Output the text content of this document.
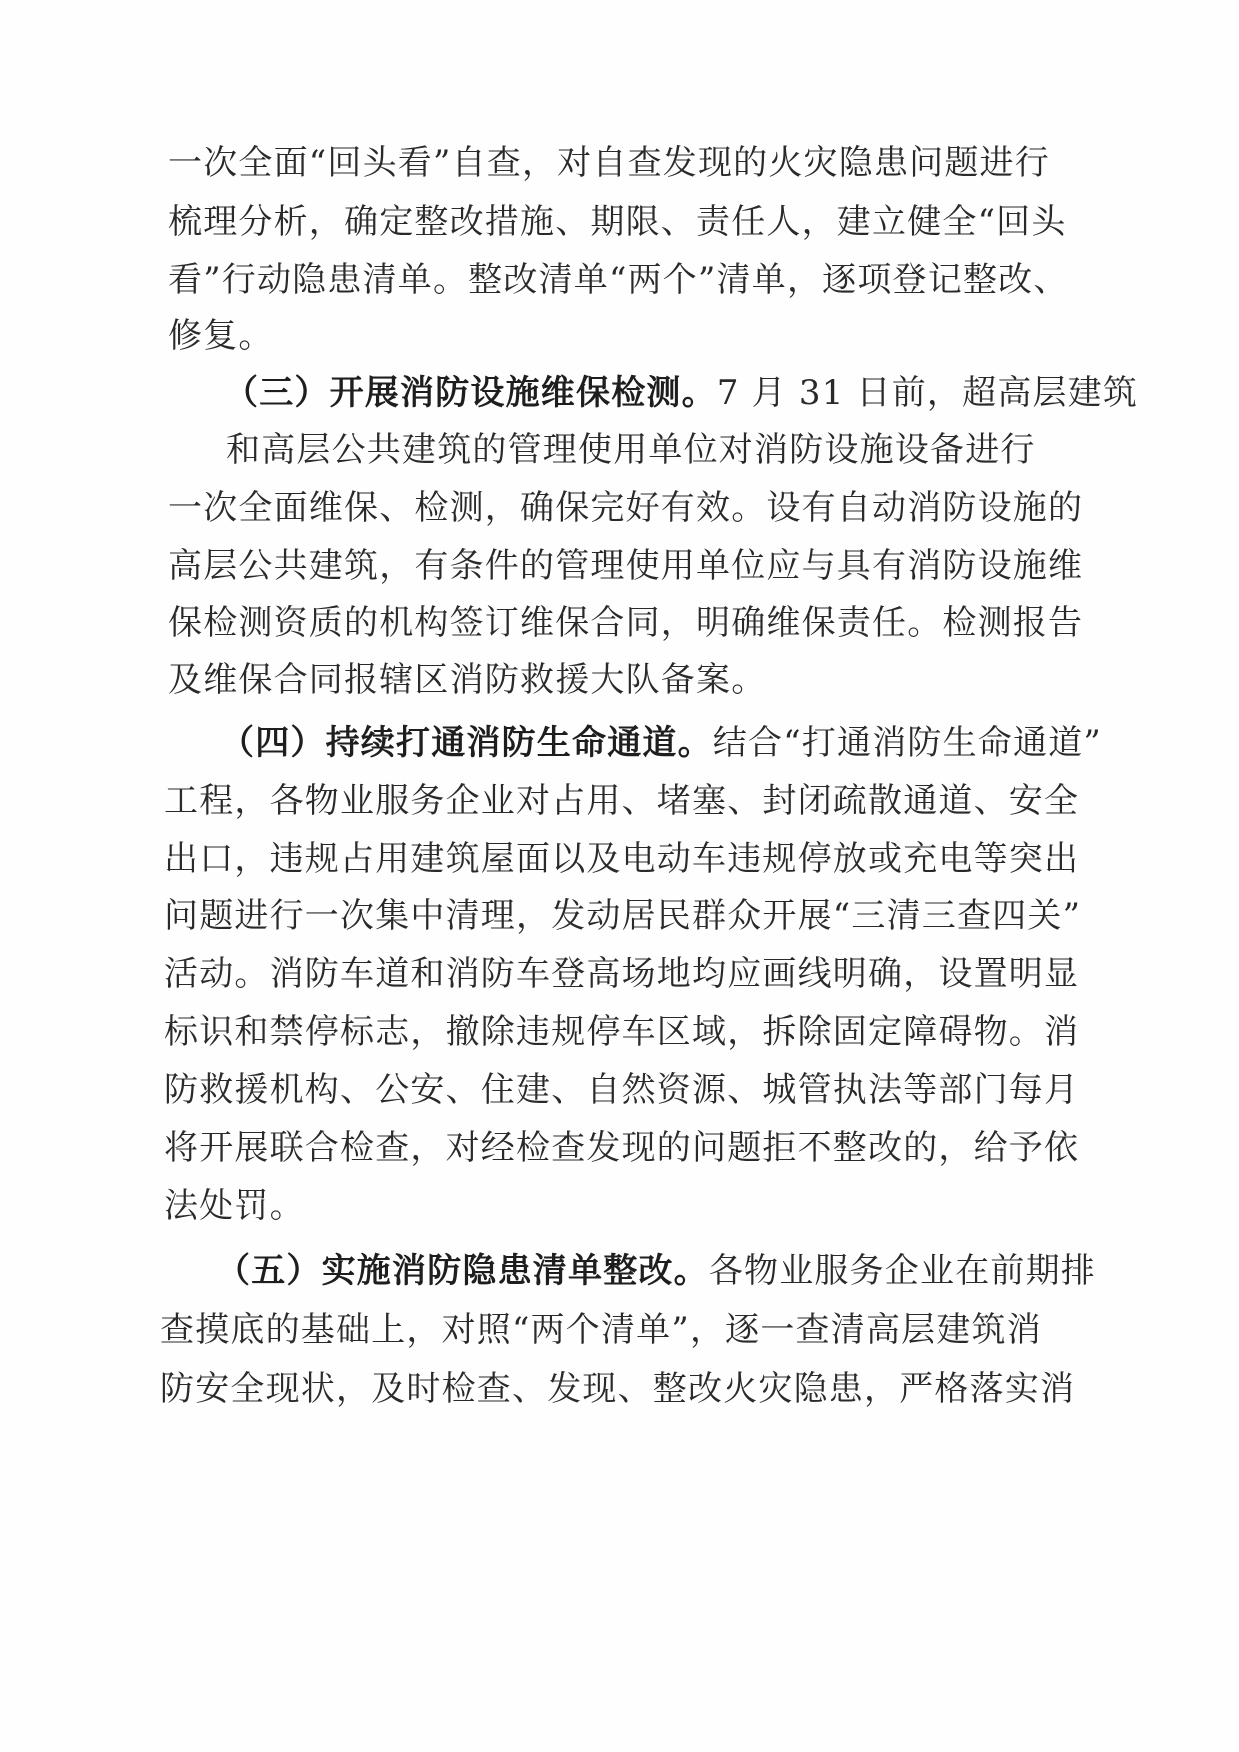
一次全面“回头看”自查，对自查发现的火灾隐患问题进行
梳理分析，确定整改措施、期限、责任人，建立健全“回头
看”行动隐患清单。整改清单“两个”清单，逐项登记整改、
修复。
（三）开展消防设施维保检测。7 月 31 日前，超高层建筑
和高层公共建筑的管理使用单位对消防设施设备进行
一次全面维保、检测，确保完好有效。设有自动消防设施的
高层公共建筑，有条件的管理使用单位应与具有消防设施维
保检测资质的机构签订维保合同，明确维保责任。检测报告
及维保合同报辖区消防救援大队备案。
（四）持续打通消防生命通道。结合“打通消防生命通道”
工程，各物业服务企业对占用、堵塞、封闭疏散通道、安全
出口，违规占用建筑屋面以及电动车违规停放或充电等突出
问题进行一次集中清理，发动居民群众开展“三清三查四关”
活动。消防车道和消防车登高场地均应画线明确，设置明显
标识和禁停标志，撤除违规停车区域，拆除固定障碍物。消
防救援机构、公安、住建、自然资源、城管执法等部门每月
将开展联合检查，对经检查发现的问题拒不整改的，给予依
法处罚。
（五）实施消防隐患清单整改。各物业服务企业在前期排
查摸底的基础上，对照“两个清单”，逐一查清高层建筑消
防安全现状，及时检查、发现、整改火灾隐患，严格落实消
